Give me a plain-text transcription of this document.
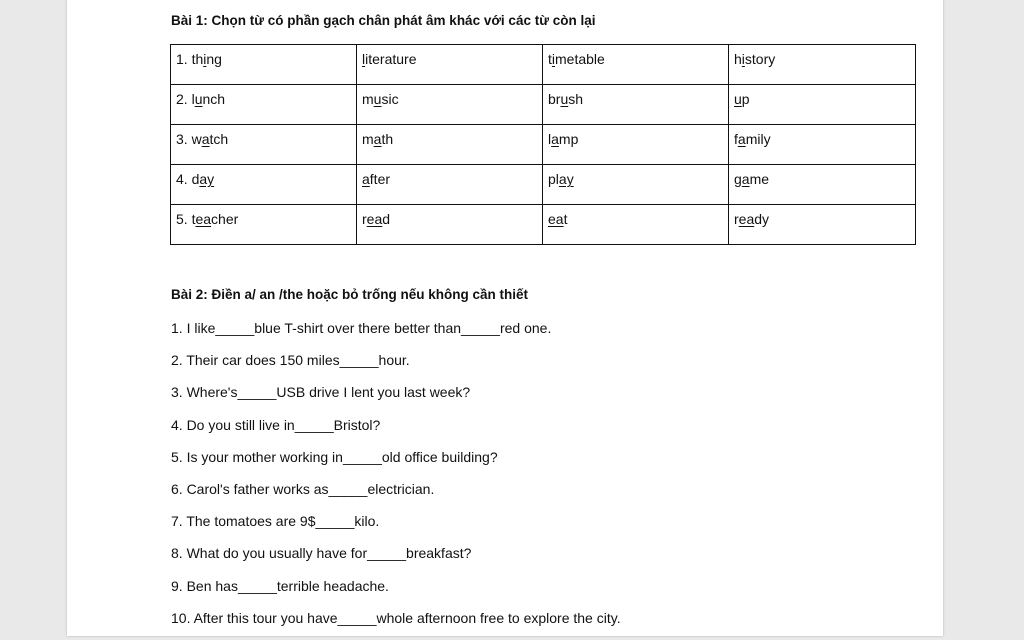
Bài 1: Chọn từ có phần gạch chân phát âm khác với các từ còn lại
1. thing	literature	timetable	history
2. lunch	music	brush	up
3. watch	math	lamp	family
4. day	after	play	game
5. teacher	read	eat	ready
Bài 2: Điền a/ an /the hoặc bỏ trống nếu không cần thiết
1. I like_____blue T-shirt over there better than_____red one.
2. Their car does 150 miles_____hour.
3. Where's_____USB drive I lent you last week?
4. Do you still live in_____Bristol?
5. Is your mother working in_____old office building?
6. Carol's father works as_____electrician.
7. The tomatoes are 9$_____kilo.
8. What do you usually have for_____breakfast?
9. Ben has_____terrible headache.
10. After this tour you have_____whole afternoon free to explore the city.
